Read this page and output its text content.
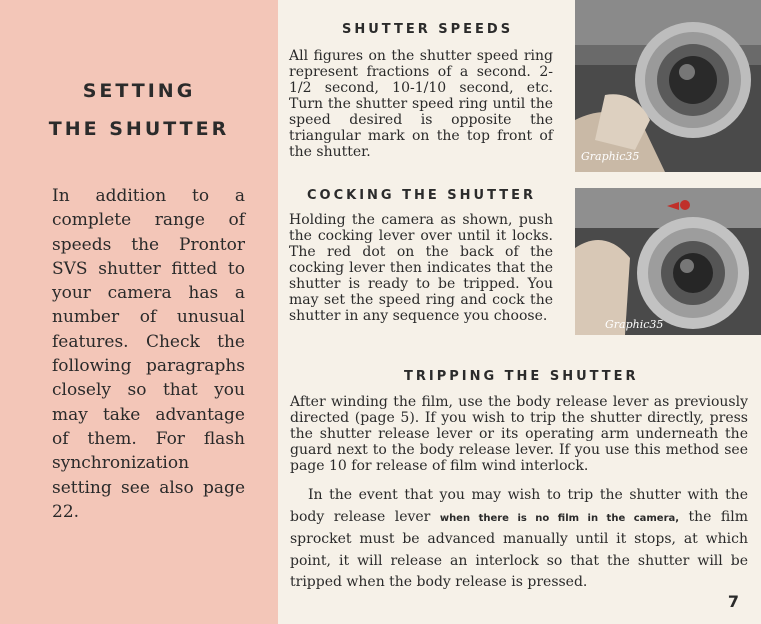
SETTING
THE SHUTTER
In addition to a complete range of speeds the Prontor SVS shutter fitted to your camera has a number of unusual features. Check the following paragraphs closely so that you may take advantage of them. For flash synchronization setting see also page 22.
SHUTTER SPEEDS
All figures on the shutter speed ring represent fractions of a second. 2-1/2 second, 10-1/10 second, etc. Turn the shutter speed ring until the speed desired is opposite the triangular mark on the top front of the shutter.
COCKING THE SHUTTER
Holding the camera as shown, push the cocking lever over until it locks. The red dot on the back of the cocking lever then indicates that the shutter is ready to be tripped. You may set the speed ring and cock the shutter in any sequence you choose.
TRIPPING THE SHUTTER
After winding the film, use the body release lever as previously directed (page 5). If you wish to trip the shutter directly, press the shutter release lever or its operating arm underneath the guard next to the body release lever. If you use this method see page 10 for release of film wind interlock.
In the event that you may wish to trip the shutter with the body release lever when there is no film in the camera, the film sprocket must be advanced manually until it stops, at which point, it will release an interlock so that the shutter will be tripped when the body release is pressed.
Graphic35
Graphic35
7
